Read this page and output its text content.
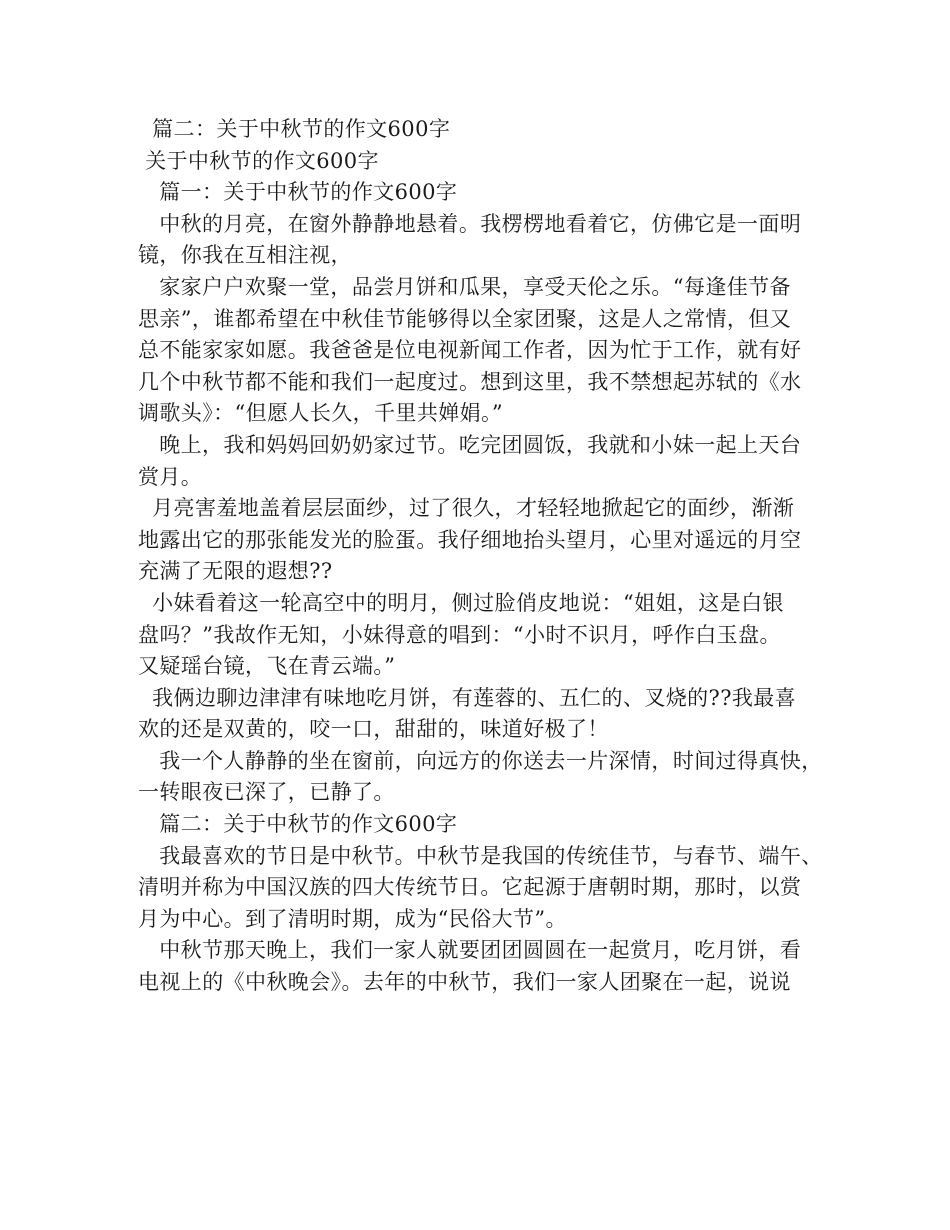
篇二：关于中秋节的作文600字

关于中秋节的作文600字

篇一：关于中秋节的作文600字

中秋的月亮，在窗外静静地悬着。我楞楞地看着它，仿佛它是一面明

镜，你我在互相注视，

家家户户欢聚一堂，品尝月饼和瓜果，享受天伦之乐。“每逢佳节备

思亲”，谁都希望在中秋佳节能够得以全家团聚，这是人之常情，但又

总不能家家如愿。我爸爸是位电视新闻工作者，因为忙于工作，就有好

几个中秋节都不能和我们一起度过。想到这里，我不禁想起苏轼的《水

调歌头》：“但愿人长久，千里共婵娟。”

晚上，我和妈妈回奶奶家过节。吃完团圆饭，我就和小妹一起上天台

赏月。

月亮害羞地盖着层层面纱，过了很久，才轻轻地掀起它的面纱，渐渐

地露出它的那张能发光的脸蛋。我仔细地抬头望月，心里对遥远的月空

充满了无限的遐想??

小妹看着这一轮高空中的明月，侧过脸俏皮地说：“姐姐，这是白银

盘吗？”我故作无知，小妹得意的唱到：“小时不识月，呼作白玉盘。

又疑瑶台镜，飞在青云端。”

我俩边聊边津津有味地吃月饼，有莲蓉的、五仁的、叉烧的??我最喜

欢的还是双黄的，咬一口，甜甜的，味道好极了！

我一个人静静的坐在窗前，向远方的你送去一片深情，时间过得真快，

一转眼夜已深了，已静了。

篇二：关于中秋节的作文600字

我最喜欢的节日是中秋节。中秋节是我国的传统佳节，与春节、端午、

清明并称为中国汉族的四大传统节日。它起源于唐朝时期，那时，以赏

月为中心。到了清明时期，成为“民俗大节”。

中秋节那天晚上，我们一家人就要团团圆圆在一起赏月，吃月饼，看

电视上的《中秋晚会》。去年的中秋节，我们一家人团聚在一起，说说
